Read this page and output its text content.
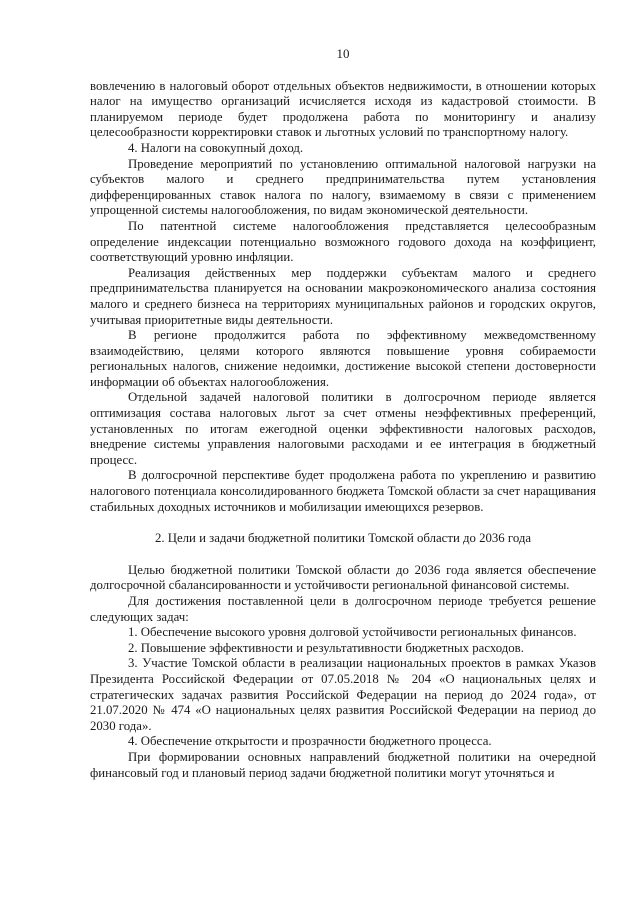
10

вовлечению в налоговый оборот отдельных объектов недвижимости, в отношении которых налог на имущество организаций исчисляется исходя из кадастровой стоимости. В планируемом периоде будет продолжена работа по мониторингу и анализу целесообразности корректировки ставок и льготных условий по транспортному налогу.

4. Налоги на совокупный доход.

Проведение мероприятий по установлению оптимальной налоговой нагрузки на субъектов малого и среднего предпринимательства путем установления дифференцированных ставок налога по налогу, взимаемому в связи с применением упрощенной системы налогообложения, по видам экономической деятельности.

По патентной системе налогообложения представляется целесообразным определение индексации потенциально возможного годового дохода на коэффициент, соответствующий уровню инфляции.

Реализация действенных мер поддержки субъектам малого и среднего предпринимательства планируется на основании макроэкономического анализа состояния малого и среднего бизнеса на территориях муниципальных районов и городских округов, учитывая приоритетные виды деятельности.

В регионе продолжится работа по эффективному межведомственному взаимодействию, целями которого являются повышение уровня собираемости региональных налогов, снижение недоимки, достижение высокой степени достоверности информации об объектах налогообложения.

Отдельной задачей налоговой политики в долгосрочном периоде является оптимизация состава налоговых льгот за счет отмены неэффективных преференций, установленных по итогам ежегодной оценки эффективности налоговых расходов, внедрение системы управления налоговыми расходами и ее интеграция в бюджетный процесс.

В долгосрочной перспективе будет продолжена работа по укреплению и развитию налогового потенциала консолидированного бюджета Томской области за счет наращивания стабильных доходных источников и мобилизации имеющихся резервов.

2. Цели и задачи бюджетной политики Томской области до 2036 года

Целью бюджетной политики Томской области до 2036 года является обеспечение долгосрочной сбалансированности и устойчивости региональной финансовой системы.

Для достижения поставленной цели в долгосрочном периоде требуется решение следующих задач:

1. Обеспечение высокого уровня долговой устойчивости региональных финансов.

2. Повышение эффективности и результативности бюджетных расходов.

3. Участие Томской области в реализации национальных проектов в рамках Указов Президента Российской Федерации от 07.05.2018 № 204 «О национальных целях и стратегических задачах развития Российской Федерации на период до 2024 года», от 21.07.2020 № 474 «О национальных целях развития Российской Федерации на период до 2030 года».

4. Обеспечение открытости и прозрачности бюджетного процесса.

При формировании основных направлений бюджетной политики на очередной финансовый год и плановый период задачи бюджетной политики могут уточняться и
